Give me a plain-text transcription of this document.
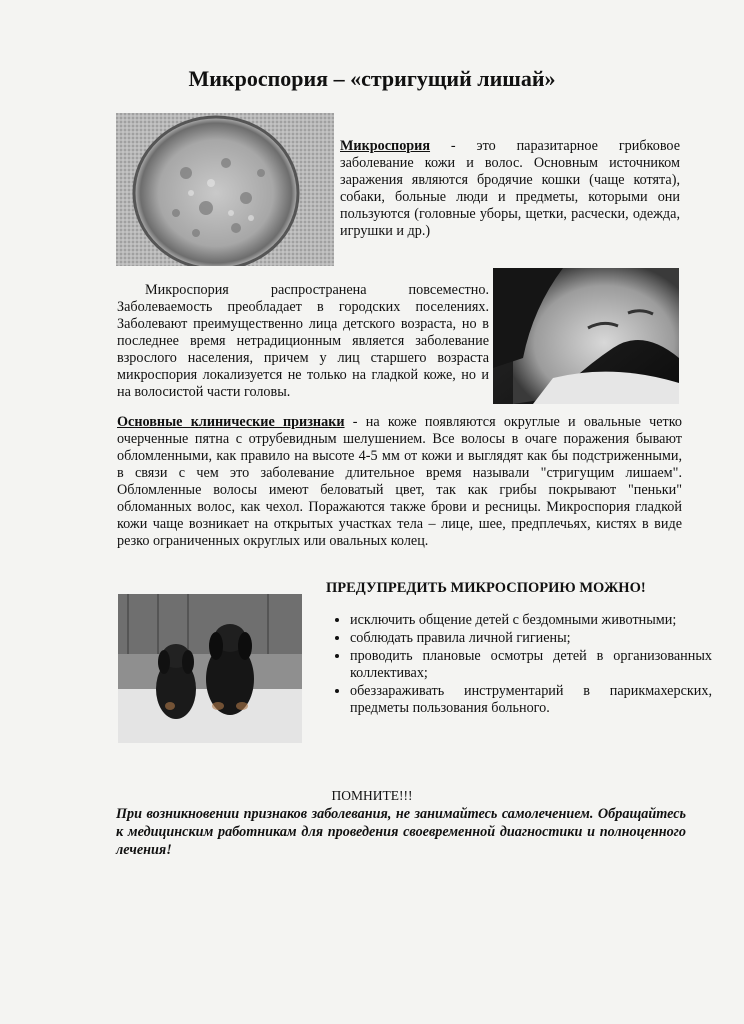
Микроспория – «стригущий лишай»
Микроспория - это паразитарное грибковое заболевание кожи и волос. Основным источником заражения являются бродячие кошки (чаще котята), собаки, больные люди и предметы, которыми они пользуются (головные уборы, щетки, расчески, одежда, игрушки и др.)
Микроспория распространена повсеместно. Заболеваемость преобладает в городских поселениях. Заболевают преимущественно лица детского возраста, но в последнее время нетрадиционным является заболевание взрослого населения, причем у лиц старшего возраста микроспория локализуется не только на гладкой коже, но и на волосистой части головы.
Основные клинические признаки - на коже появляются округлые и овальные четко очерченные пятна с отрубевидным шелушением. Все волосы в очаге поражения бывают обломленными, как правило на высоте 4-5 мм от кожи и выглядят как бы подстриженными, в связи с чем это заболевание длительное время называли "стригущим лишаем". Обломленные волосы имеют беловатый цвет, так как грибы покрывают "пеньки" обломанных волос, как чехол. Поражаются также брови и ресницы. Микроспория гладкой кожи чаще возникает на открытых участках тела – лице, шее, предплечьях, кистях в виде резко ограниченных округлых или овальных колец.
ПРЕДУПРЕДИТЬ МИКРОСПОРИЮ МОЖНО!
• исключить общение детей с бездомными животными;
• соблюдать правила личной гигиены;
• проводить плановые осмотры детей в организованных коллективах;
• обеззараживать инструментарий в парикмахерских, предметы пользования больного.
ПОМНИТЕ!!!
При возникновении признаков заболевания, не занимайтесь самолечением. Обращайтесь к медицинским работникам для проведения своевременной диагностики и полноценного лечения!
